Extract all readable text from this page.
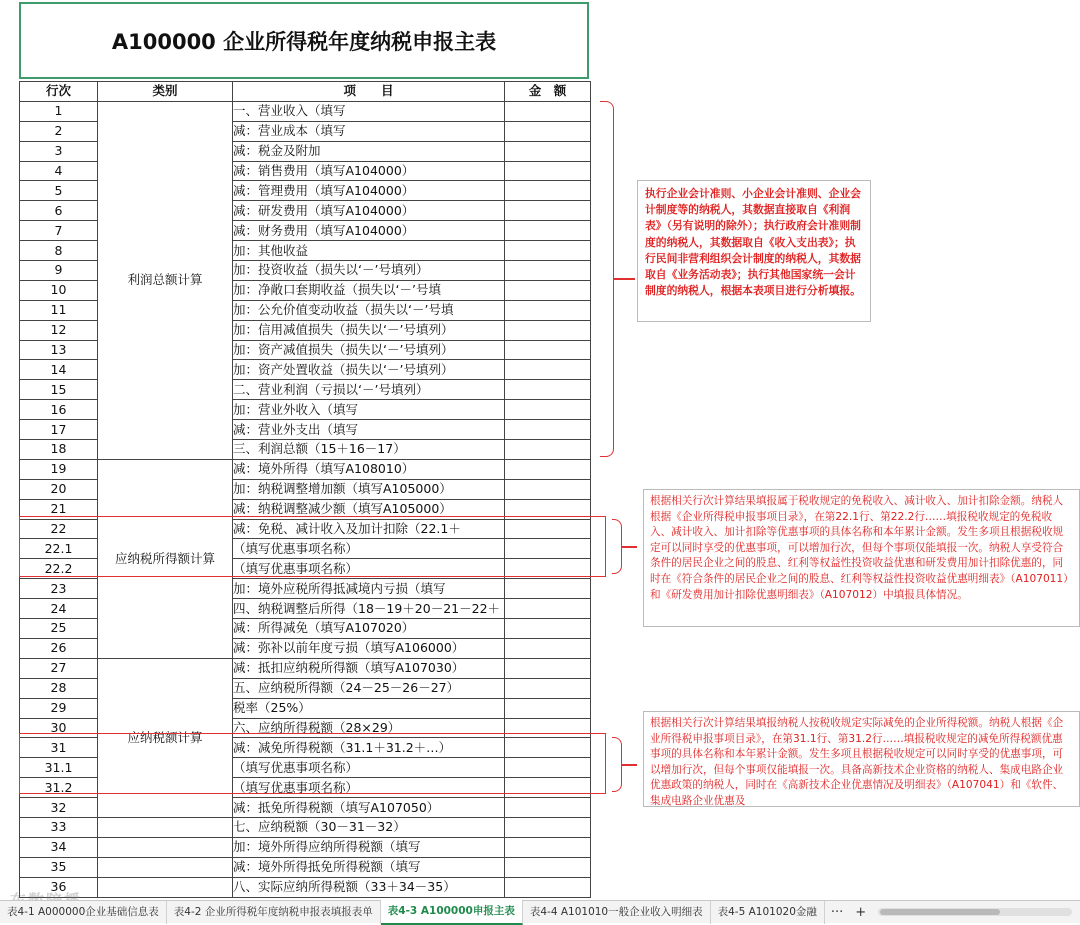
A100000 企业所得税年度纳税申报主表
行次	类别	项　　目	金　额
1	利润总额计算	一、营业收入（填写	
2		减：营业成本（填写	
3		减：税金及附加	
4		减：销售费用（填写A104000）	
5		减：管理费用（填写A104000）	
6		减：研发费用（填写A104000）	
7		减：财务费用（填写A104000）	
8		加：其他收益	
9		加：投资收益（损失以‘－’号填列）	
10		加：净敞口套期收益（损失以‘－’号填	
11		加：公允价值变动收益（损失以‘－’号填	
12		加：信用减值损失（损失以‘－’号填列）	
13		加：资产减值损失（损失以‘－’号填列）	
14		加：资产处置收益（损失以‘－’号填列）	
15		二、营业利润（亏损以‘－’号填列）	
16		加：营业外收入（填写	
17		减：营业外支出（填写	
18		三、利润总额（15＋16－17）	
19	应纳税所得额计算	减：境外所得（填写A108010）	
20		加：纳税调整增加额（填写A105000）	
21		减：纳税调整减少额（填写A105000）	
22		减：免税、减计收入及加计扣除（22.1＋	
22.1		（填写优惠事项名称）	
22.2		（填写优惠事项名称）	
23		加：境外应税所得抵减境内亏损（填写	
24		四、纳税调整后所得（18－19＋20－21－22＋	
25		减：所得减免（填写A107020）	
26		减：弥补以前年度亏损（填写A106000）	
27	应纳税额计算	减：抵扣应纳税所得额（填写A107030）	
28		五、应纳税所得额（24－25－26－27）	
29		税率（25%）	
30		六、应纳所得税额（28×29）	
31		减：减免所得税额（31.1＋31.2＋…）	
31.1		（填写优惠事项名称）	
31.2		（填写优惠事项名称）	
32		减：抵免所得税额（填写A107050）	
33		七、应纳税额（30－31－32）	
34		加：境外所得应纳所得税额（填写	
35		减：境外所得抵免所得税额（填写	
36		八、实际应纳所得税额（33＋34－35）	
执行企业会计准则、小企业会计准则、企业会计制度等的纳税人，其数据直接取自《利润表》（另有说明的除外）；执行政府会计准则制度的纳税人，其数据取自《收入支出表》；执行民间非营利组织会计制度的纳税人，其数据取自《业务活动表》；执行其他国家统一会计制度的纳税人，根据本表项目进行分析填报。
根据相关行次计算结果填报属于税收规定的免税收入、减计收入、加计扣除金额。纳税人根据《企业所得税申报事项目录》，在第22.1行、第22.2行……填报税收规定的免税收入、减计收入、加计扣除等优惠事项的具体名称和本年累计金额。发生多项且根据税收规定可以同时享受的优惠事项，可以增加行次，但每个事项仅能填报一次。纳税人享受符合条件的居民企业之间的股息、红利等权益性投资收益优惠和研发费用加计扣除优惠的，同时在《符合条件的居民企业之间的股息、红利等权益性投资收益优惠明细表》（A107011）和《研发费用加计扣除优惠明细表》（A107012）中填报具体情况。
根据相关行次计算结果填报纳税人按税收规定实际减免的企业所得税额。纳税人根据《企业所得税申报事项目录》，在第31.1行、第31.2行……填报税收规定的减免所得税额优惠事项的具体名称和本年累计金额。发生多项且根据税收规定可以同时享受的优惠事项，可以增加行次，但每个事项仅能填报一次。具备高新技术企业资格的纳税人、集成电路企业优惠政策的纳税人，同时在《高新技术企业优惠情况及明细表》（A107041）和《软件、集成电路企业优惠及
表4-1 A000000企业基础信息表	表4-2 企业所得税年度纳税申报表填报表单	表4-3 A100000申报主表	表4-4 A101010一般企业收入明细表	表4-5 A101020金融	··· +
